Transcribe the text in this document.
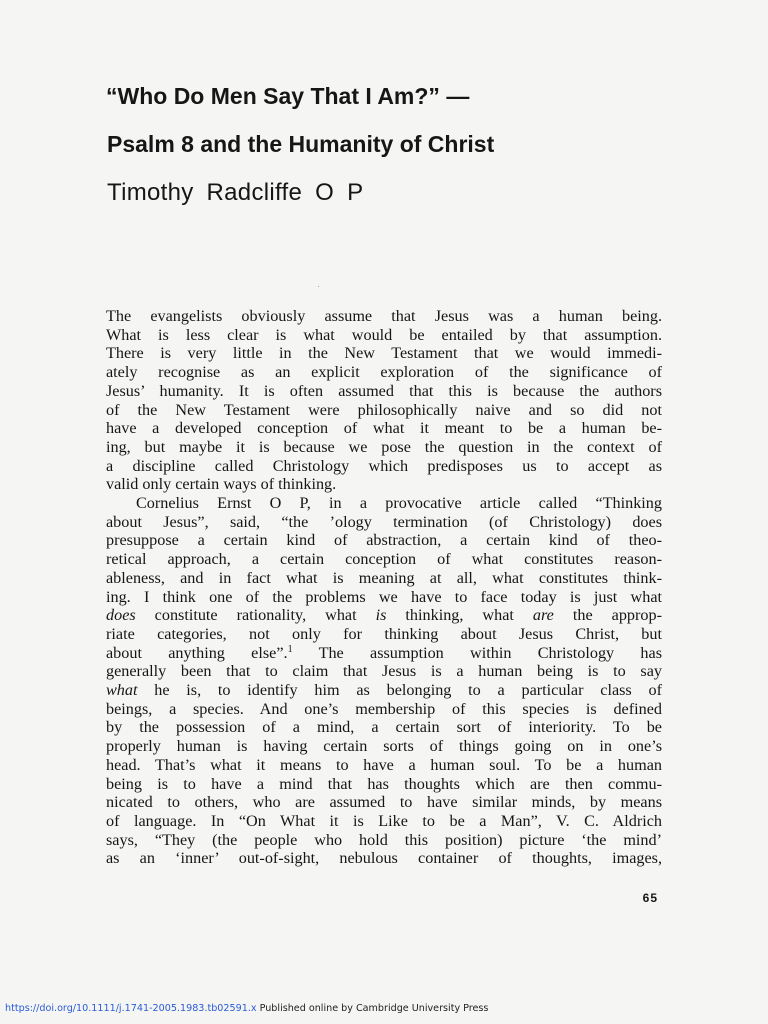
“Who Do Men Say That I Am?” —
Psalm 8 and the Humanity of Christ
Timothy Radcliffe O P
The evangelists obviously assume that Jesus was a human being.
What is less clear is what would be entailed by that assumption.
There is very little in the New Testament that we would immedi-
ately recognise as an explicit exploration of the significance of
Jesus’ humanity. It is often assumed that this is because the authors
of the New Testament were philosophically naive and so did not
have a developed conception of what it meant to be a human be-
ing, but maybe it is because we pose the question in the context of
a discipline called Christology which predisposes us to accept as
valid only certain ways of thinking.
Cornelius Ernst O P, in a provocative article called “Thinking
about Jesus”, said, “the ’ology termination (of Christology) does
presuppose a certain kind of abstraction, a certain kind of theo-
retical approach, a certain conception of what constitutes reason-
ableness, and in fact what is meaning at all, what constitutes think-
ing. I think one of the problems we have to face today is just what
does constitute rationality, what is thinking, what are the approp-
riate categories, not only for thinking about Jesus Christ, but
about anything else”.$^1$ The assumption within Christology has
generally been that to claim that Jesus is a human being is to say
what he is, to identify him as belonging to a particular class of
beings, a species. And one’s membership of this species is defined
by the possession of a mind, a certain sort of interiority. To be
properly human is having certain sorts of things going on in one’s
head. That’s what it means to have a human soul. To be a human
being is to have a mind that has thoughts which are then commu-
nicated to others, who are assumed to have similar minds, by means
of language. In “On What it is Like to be a Man”, V. C. Aldrich
says, “They (the people who hold this position) picture ‘the mind’
as an ‘inner’ out-of-sight, nebulous container of thoughts, images,
65
https://doi.org/10.1111/j.1741-2005.1983.tb02591.x Published online by Cambridge University Press
